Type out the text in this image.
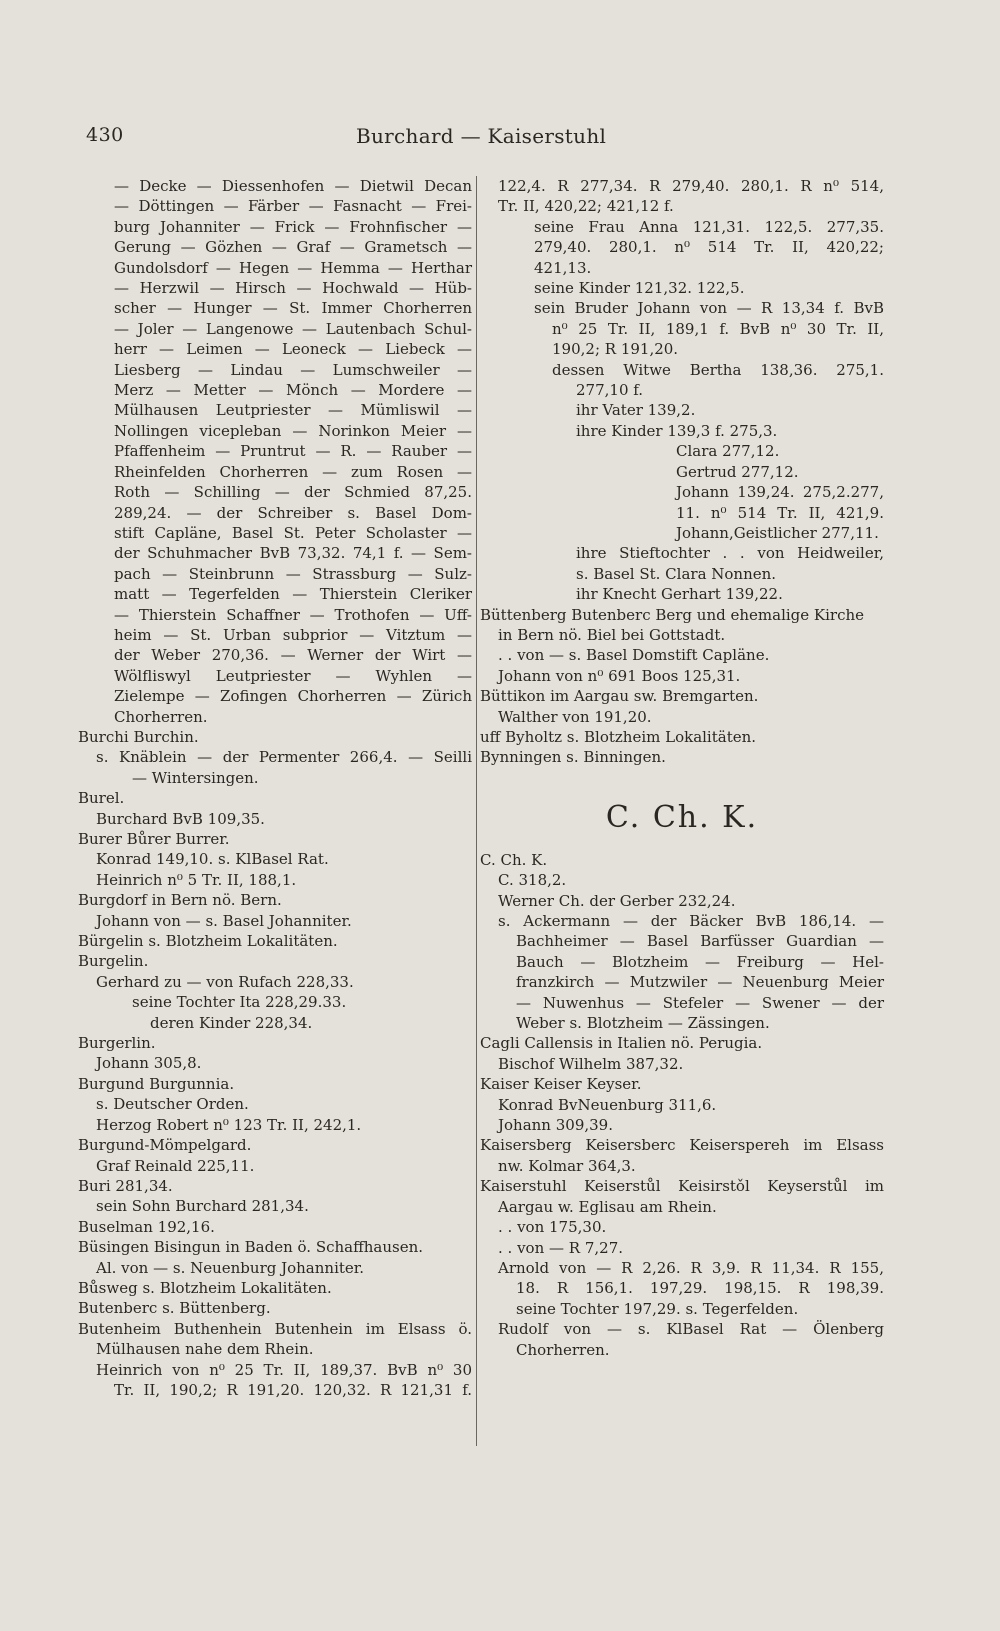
430	Burchard — Kaiserstuhl
— Decke — Diessenhofen — Dietwil Decan
— Döttingen — Färber — Fasnacht — Frei-
burg Johanniter — Frick — Frohnfischer —
Gerung — Gözhen — Graf — Grametsch —
Gundolsdorf — Hegen — Hemma — Herthar
— Herzwil — Hirsch — Hochwald — Hüb-
scher — Hunger — St. Immer Chorherren
— Joler — Langenowe — Lautenbach Schul-
herr — Leimen — Leoneck — Liebeck —
Liesberg — Lindau — Lumschweiler —
Merz — Metter — Mönch — Mordere —
Mülhausen Leutpriester — Mümliswil —
Nollingen vicepleban — Norinkon Meier —
Pfaffenheim — Pruntrut — R. — Rauber —
Rheinfelden Chorherren — zum Rosen —
Roth — Schilling — der Schmied 87,25.
289,24. — der Schreiber s. Basel Dom-
stift Capläne, Basel St. Peter Scholaster —
der Schuhmacher BvB 73,32. 74,1 f. — Sem-
pach — Steinbrunn — Strassburg — Sulz-
matt — Tegerfelden — Thierstein Cleriker
— Thierstein Schaffner — Trothofen — Uff-
heim — St. Urban subprior — Vitztum —
der Weber 270,36. — Werner der Wirt —
Wölfliswyl Leutpriester — Wyhlen —
Zielempe — Zofingen Chorherren — Zürich
Chorherren.
Burchi Burchin.
s. Knäblein — der Permenter 266,4. — Seilli
— Wintersingen.
Burel.
Burchard BvB 109,35.
Burer Bůrer Burrer.
Konrad 149,10. s. KlBasel Rat.
Heinrich n⁰ 5 Tr. II, 188,1.
Burgdorf in Bern nö. Bern.
Johann von — s. Basel Johanniter.
Bürgelin s. Blotzheim Lokalitäten.
Burgelin.
Gerhard zu — von Rufach 228,33.
seine Tochter Ita 228,29.33.
deren Kinder 228,34.
Burgerlin.
Johann 305,8.
Burgund Burgunnia.
s. Deutscher Orden.
Herzog Robert n⁰ 123 Tr. II, 242,1.
Burgund-Mömpelgard.
Graf Reinald 225,11.
Buri 281,34.
sein Sohn Burchard 281,34.
Buselman 192,16.
Büsingen Bisingun in Baden ö. Schaffhausen.
Al. von — s. Neuenburg Johanniter.
Bůsweg s. Blotzheim Lokalitäten.
Butenberc s. Büttenberg.
Butenheim Buthenhein Butenhein im Elsass ö.
Mülhausen nahe dem Rhein.
Heinrich von n⁰ 25 Tr. II, 189,37. BvB n⁰ 30
Tr. II, 190,2; R 191,20. 120,32. R 121,31 f.
122,4. R 277,34. R 279,40. 280,1. R n⁰ 514,
Tr. II, 420,22; 421,12 f.
seine Frau Anna 121,31. 122,5. 277,35.
279,40. 280,1. n⁰ 514 Tr. II, 420,22;
421,13.
seine Kinder 121,32. 122,5.
sein Bruder Johann von — R 13,34 f. BvB
n⁰ 25 Tr. II, 189,1 f. BvB n⁰ 30 Tr. II,
190,2; R 191,20.
dessen Witwe Bertha 138,36. 275,1.
277,10 f.
ihr Vater 139,2.
ihre Kinder 139,3 f. 275,3.
Clara 277,12.
Gertrud 277,12.
Johann 139,24. 275,2.277,
11. n⁰ 514 Tr. II, 421,9.
Johann,Geistlicher 277,11.
ihre Stieftochter . . von Heidweiler,
s. Basel St. Clara Nonnen.
ihr Knecht Gerhart 139,22.
Büttenberg Butenberc Berg und ehemalige Kirche
in Bern nö. Biel bei Gottstadt.
. . von — s. Basel Domstift Capläne.
Johann von n⁰ 691 Boos 125,31.
Büttikon im Aargau sw. Bremgarten.
Walther von 191,20.
uff Byholtz s. Blotzheim Lokalitäten.
Bynningen s. Binningen.
C. Ch. K.
C. Ch. K.
C. 318,2.
Werner Ch. der Gerber 232,24.
s. Ackermann — der Bäcker BvB 186,14. —
Bachheimer — Basel Barfüsser Guardian —
Bauch — Blotzheim — Freiburg — Hel-
franzkirch — Mutzwiler — Neuenburg Meier
— Nuwenhus — Stefeler — Swener — der
Weber s. Blotzheim — Zässingen.
Cagli Callensis in Italien nö. Perugia.
Bischof Wilhelm 387,32.
Kaiser Keiser Keyser.
Konrad BvNeuenburg 311,6.
Johann 309,39.
Kaisersberg Keisersberc Keiserspereh im Elsass
nw. Kolmar 364,3.
Kaiserstuhl Keiserstůl Keisirstǒl Keyserstůl im
Aargau w. Eglisau am Rhein.
. . von 175,30.
. . von — R 7,27.
Arnold von — R 2,26. R 3,9. R 11,34. R 155,
18. R 156,1. 197,29. 198,15. R 198,39.
seine Tochter 197,29. s. Tegerfelden.
Rudolf von — s. KlBasel Rat — Ölenberg
Chorherren.
